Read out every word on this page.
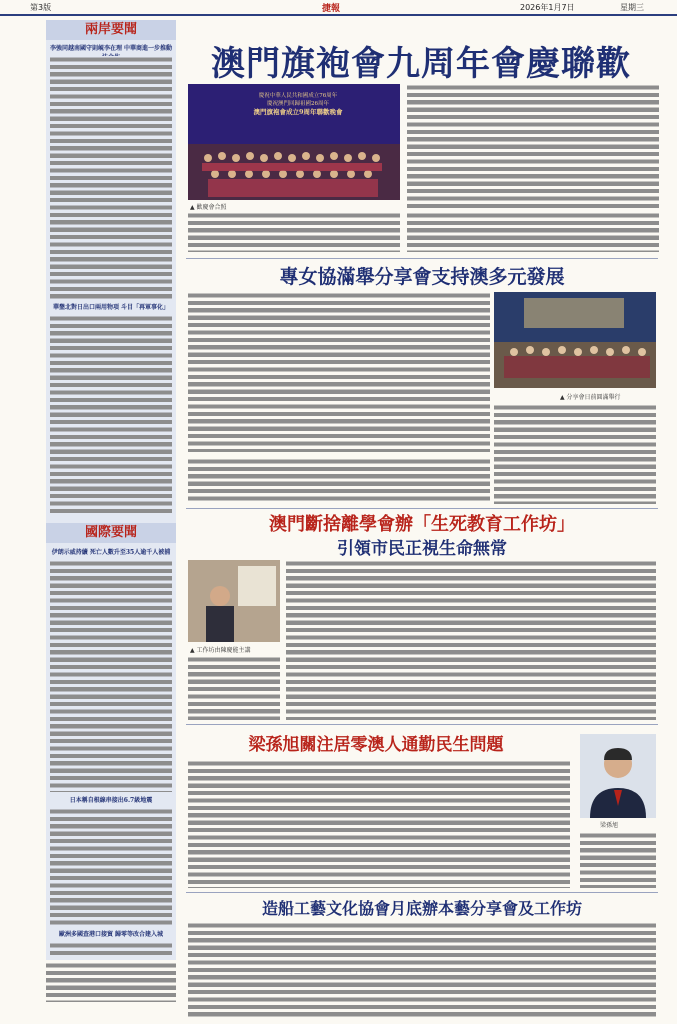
第3版	捷報	2026年1月7日	星期三
兩岸要聞
李強同越南國守則峴李在理 中華商進一步推動
華墾北對日出口兩用物項 斗目「再軍事化」
國際要聞
伊朗示威持續 死亡人數升至35人逾千人被捕
日本稱自根線串接出6.7級地震
歐洲多國查港口接貿 歸零等改合建入城
澳門旗袍會九周年會慶聯歡
慶祝中華人民共和國成立76周年
慶祝澳門回歸祖國26周年
澳門旗袍會成立9周年聯歡晚會
▲ 歡慶會合照
專女協滿舉分享會支持澳多元發展
▲ 分享會日前圓滿舉行
澳門斷捨離學會辦「生死教育工作坊」
引領市民正視生命無常
▲ 工作坊由陳慶能主講
梁孫旭關注居零澳人通勤民生問題
梁孫旭
造船工藝文化協會月底辦本藝分享會及工作坊
